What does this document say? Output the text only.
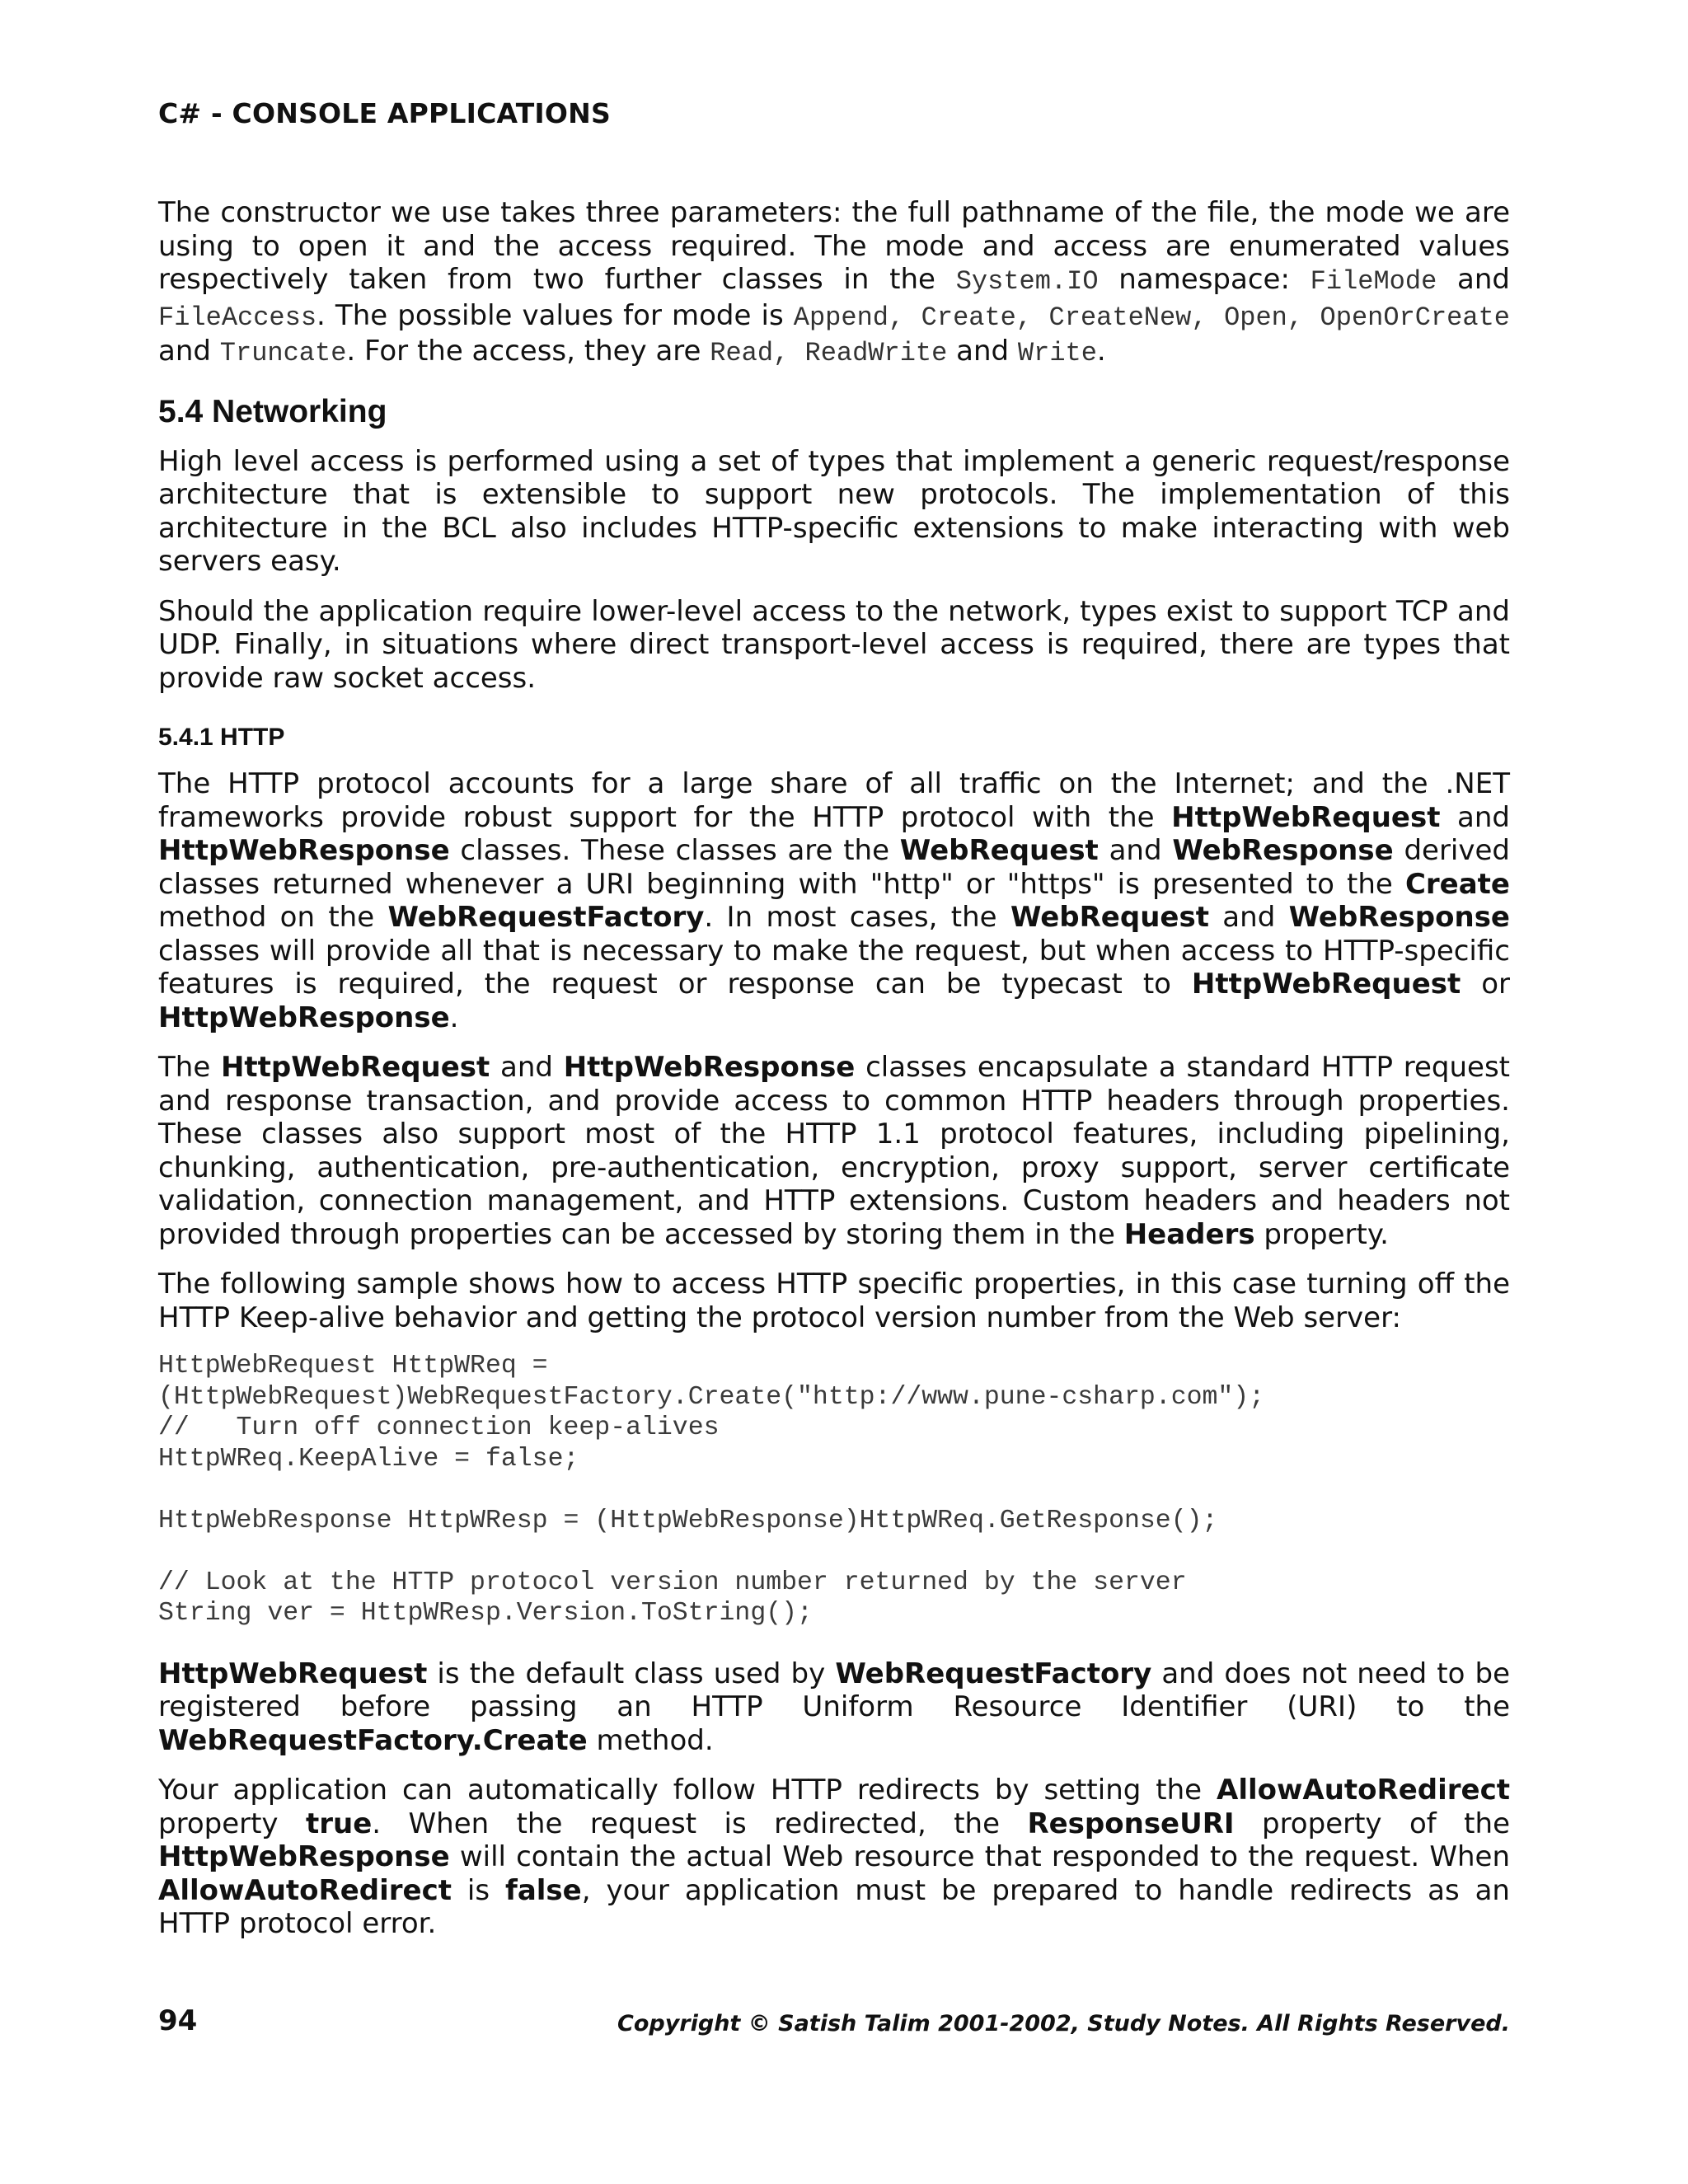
C# - CONSOLE APPLICATIONS

The constructor we use takes three parameters: the full pathname of the file, the mode we are using to open it and the access required. The mode and access are enumerated values respectively taken from two further classes in the System.IO namespace: FileMode and FileAccess. The possible values for mode is Append, Create, CreateNew, Open, OpenOrCreate and Truncate. For the access, they are Read, ReadWrite and Write.

5.4 Networking

High level access is performed using a set of types that implement a generic request/response architecture that is extensible to support new protocols. The implementation of this architecture in the BCL also includes HTTP-specific extensions to make interacting with web servers easy.

Should the application require lower-level access to the network, types exist to support TCP and UDP. Finally, in situations where direct transport-level access is required, there are types that provide raw socket access.

5.4.1 HTTP

The HTTP protocol accounts for a large share of all traffic on the Internet; and the .NET frameworks provide robust support for the HTTP protocol with the HttpWebRequest and HttpWebResponse classes. These classes are the WebRequest and WebResponse derived classes returned whenever a URI beginning with "http" or "https" is presented to the Create method on the WebRequestFactory. In most cases, the WebRequest and WebResponse classes will provide all that is necessary to make the request, but when access to HTTP-specific features is required, the request or response can be typecast to HttpWebRequest or HttpWebResponse.

The HttpWebRequest and HttpWebResponse classes encapsulate a standard HTTP request and response transaction, and provide access to common HTTP headers through properties. These classes also support most of the HTTP 1.1 protocol features, including pipelining, chunking, authentication, pre-authentication, encryption, proxy support, server certificate validation, connection management, and HTTP extensions. Custom headers and headers not provided through properties can be accessed by storing them in the Headers property.

The following sample shows how to access HTTP specific properties, in this case turning off the HTTP Keep-alive behavior and getting the protocol version number from the Web server:

HttpWebRequest HttpWReq =
(HttpWebRequest)WebRequestFactory.Create("http://www.pune-csharp.com");
//   Turn off connection keep-alives
HttpWReq.KeepAlive = false;

HttpWebResponse HttpWResp = (HttpWebResponse)HttpWReq.GetResponse();

// Look at the HTTP protocol version number returned by the server
String ver = HttpWResp.Version.ToString();

HttpWebRequest is the default class used by WebRequestFactory and does not need to be registered before passing an HTTP Uniform Resource Identifier (URI) to the WebRequestFactory.Create method.

Your application can automatically follow HTTP redirects by setting the AllowAutoRedirect property true. When the request is redirected, the ResponseURI property of the HttpWebResponse will contain the actual Web resource that responded to the request. When AllowAutoRedirect is false, your application must be prepared to handle redirects as an HTTP protocol error.

94	Copyright © Satish Talim 2001-2002, Study Notes. All Rights Reserved.
